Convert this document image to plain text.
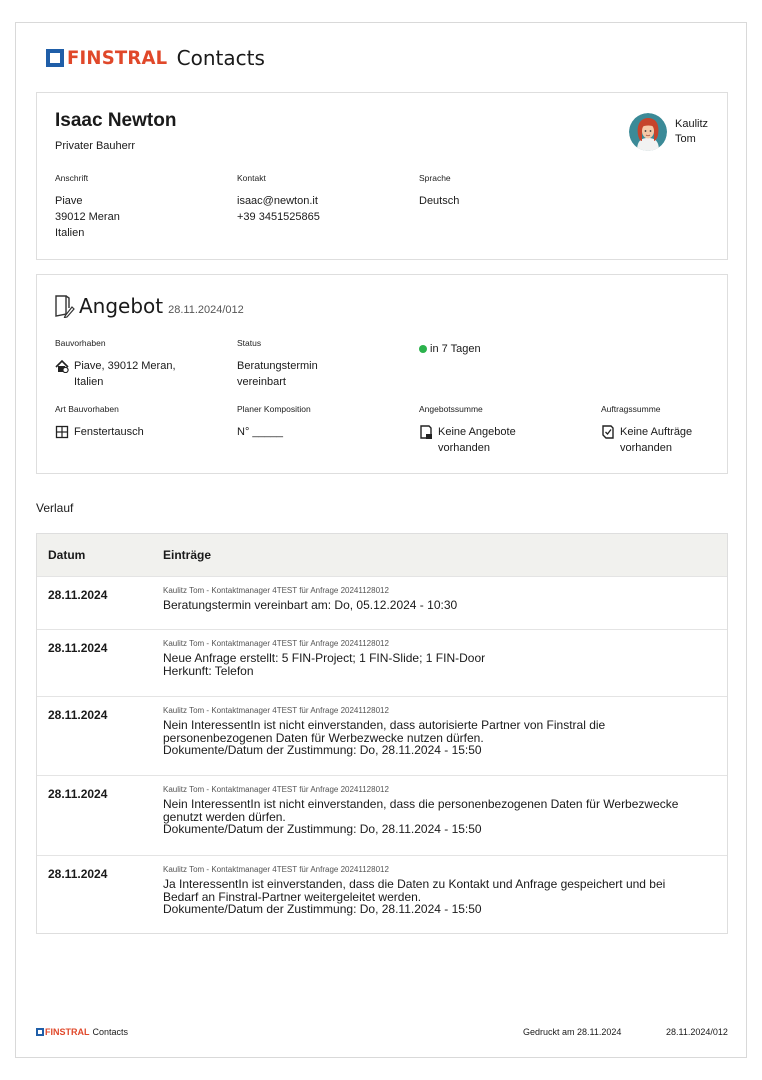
FINSTRAL Contacts
Isaac Newton
Privater Bauherr
Anschrift
Piave
39012 Meran
Italien
Kontakt
isaac@newton.it
+39 3451525865
Sprache
Deutsch
Kaulitz
Tom
Angebot 28.11.2024/012
Bauvorhaben
Piave, 39012 Meran,
Italien
Status
Beratungstermin
vereinbart
in 7 Tagen
Art Bauvorhaben
Fenstertausch
Planer Komposition
N° _____
Angebotssumme
Keine Angebote
vorhanden
Auftragssumme
Keine Aufträge
vorhanden
Verlauf
Datum	Einträge
28.11.2024	Kaulitz Tom - Kontaktmanager 4TEST für Anfrage 20241128012
Beratungstermin vereinbart am: Do, 05.12.2024 - 10:30
28.11.2024	Kaulitz Tom - Kontaktmanager 4TEST für Anfrage 20241128012
Neue Anfrage erstellt: 5 FIN-Project; 1 FIN-Slide; 1 FIN-Door
Herkunft: Telefon
28.11.2024	Kaulitz Tom - Kontaktmanager 4TEST für Anfrage 20241128012
Nein InteressentIn ist nicht einverstanden, dass autorisierte Partner von Finstral die
personenbezogenen Daten für Werbezwecke nutzen dürfen.
Dokumente/Datum der Zustimmung: Do, 28.11.2024 - 15:50
28.11.2024	Kaulitz Tom - Kontaktmanager 4TEST für Anfrage 20241128012
Nein InteressentIn ist nicht einverstanden, dass die personenbezogenen Daten für Werbezwecke
genutzt werden dürfen.
Dokumente/Datum der Zustimmung: Do, 28.11.2024 - 15:50
28.11.2024	Kaulitz Tom - Kontaktmanager 4TEST für Anfrage 20241128012
Ja InteressentIn ist einverstanden, dass die Daten zu Kontakt und Anfrage gespeichert und bei
Bedarf an Finstral-Partner weitergeleitet werden.
Dokumente/Datum der Zustimmung: Do, 28.11.2024 - 15:50
FINSTRAL Contacts	Gedruckt am 28.11.2024	28.11.2024/012
